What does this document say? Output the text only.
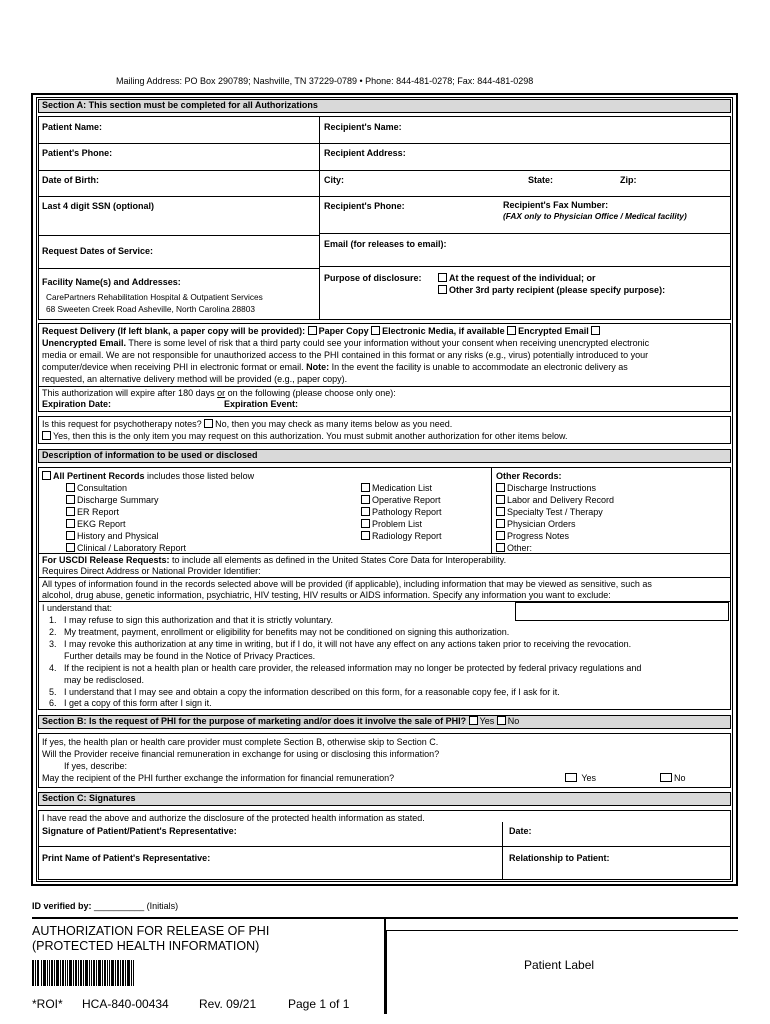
Mailing Address: PO Box 290789; Nashville, TN 37229-0789 • Phone: 844-481-0278; Fax: 844-481-0298
Section A: This section must be completed for all Authorizations
Patient Name:	Recipient's Name:
Patient's Phone:	Recipient Address:
Date of Birth:	City:	State:	Zip:
Last 4 digit SSN (optional)	Recipient's Phone:	Recipient's Fax Number:
(FAX only to Physician Office / Medical facility)
Email (for releases to email):
Request Dates of Service:
Facility Name(s) and Addresses:
CarePartners Rehabilitation Hospital & Outpatient Services
68 Sweeten Creek Road Asheville, North Carolina 28803
Purpose of disclosure:	At the request of the individual; or
Other 3rd party recipient (please specify purpose):
Request Delivery (If left blank, a paper copy will be provided): Paper Copy Electronic Media, if available Encrypted Email
Unencrypted Email. There is some level of risk that a third party could see your information without your consent when receiving unencrypted electronic
media or email. We are not responsible for unauthorized access to the PHI contained in this format or any risks (e.g., virus) potentially introduced to your
computer/device when receiving PHI in electronic format or email. Note: In the event the facility is unable to accommodate an electronic delivery as
requested, an alternative delivery method will be provided (e.g., paper copy).
This authorization will expire after 180 days or on the following (please choose only one):
Expiration Date:	Expiration Event:
Is this request for psychotherapy notes? No, then you may check as many items below as you need.
Yes, then this is the only item you may request on this authorization. You must submit another authorization for other items below.
Description of information to be used or disclosed
All Pertinent Records includes those listed below
Consultation
Discharge Summary
ER Report
EKG Report
History and Physical
Clinical / Laboratory Report
Medication List
Operative Report
Pathology Report
Problem List
Radiology Report
Other Records:
Discharge Instructions
Labor and Delivery Record
Specialty Test / Therapy
Physician Orders
Progress Notes
Other:
For USCDI Release Requests: to include all elements as defined in the United States Core Data for Interoperability.
Requires Direct Address or National Provider Identifier:
All types of information found in the records selected above will be provided (if applicable), including information that may be viewed as sensitive, such as
alcohol, drug abuse, genetic information, psychiatric, HIV testing, HIV results or AIDS information. Specify any information you want to exclude:
I understand that:
1. I may refuse to sign this authorization and that it is strictly voluntary.
2. My treatment, payment, enrollment or eligibility for benefits may not be conditioned on signing this authorization.
3. I may revoke this authorization at any time in writing, but if I do, it will not have any effect on any actions taken prior to receiving the revocation.
Further details may be found in the Notice of Privacy Practices.
4. If the recipient is not a health plan or health care provider, the released information may no longer be protected by federal privacy regulations and
may be redisclosed.
5. I understand that I may see and obtain a copy the information described on this form, for a reasonable copy fee, if I ask for it.
6. I get a copy of this form after I sign it.
Section B: Is the request of PHI for the purpose of marketing and/or does it involve the sale of PHI? Yes No
If yes, the health plan or health care provider must complete Section B, otherwise skip to Section C.
Will the Provider receive financial remuneration in exchange for using or disclosing this information?
If yes, describe:
May the recipient of the PHI further exchange the information for financial remuneration?	Yes	No
Section C: Signatures
I have read the above and authorize the disclosure of the protected health information as stated.
Signature of Patient/Patient's Representative:	Date:
Print Name of Patient's Representative:	Relationship to Patient:
ID verified by: __________ (Initials)
AUTHORIZATION FOR RELEASE OF PHI
(PROTECTED HEALTH INFORMATION)
Patient Label
*ROI* HCA-840-00434	Rev. 09/21	Page 1 of 1
